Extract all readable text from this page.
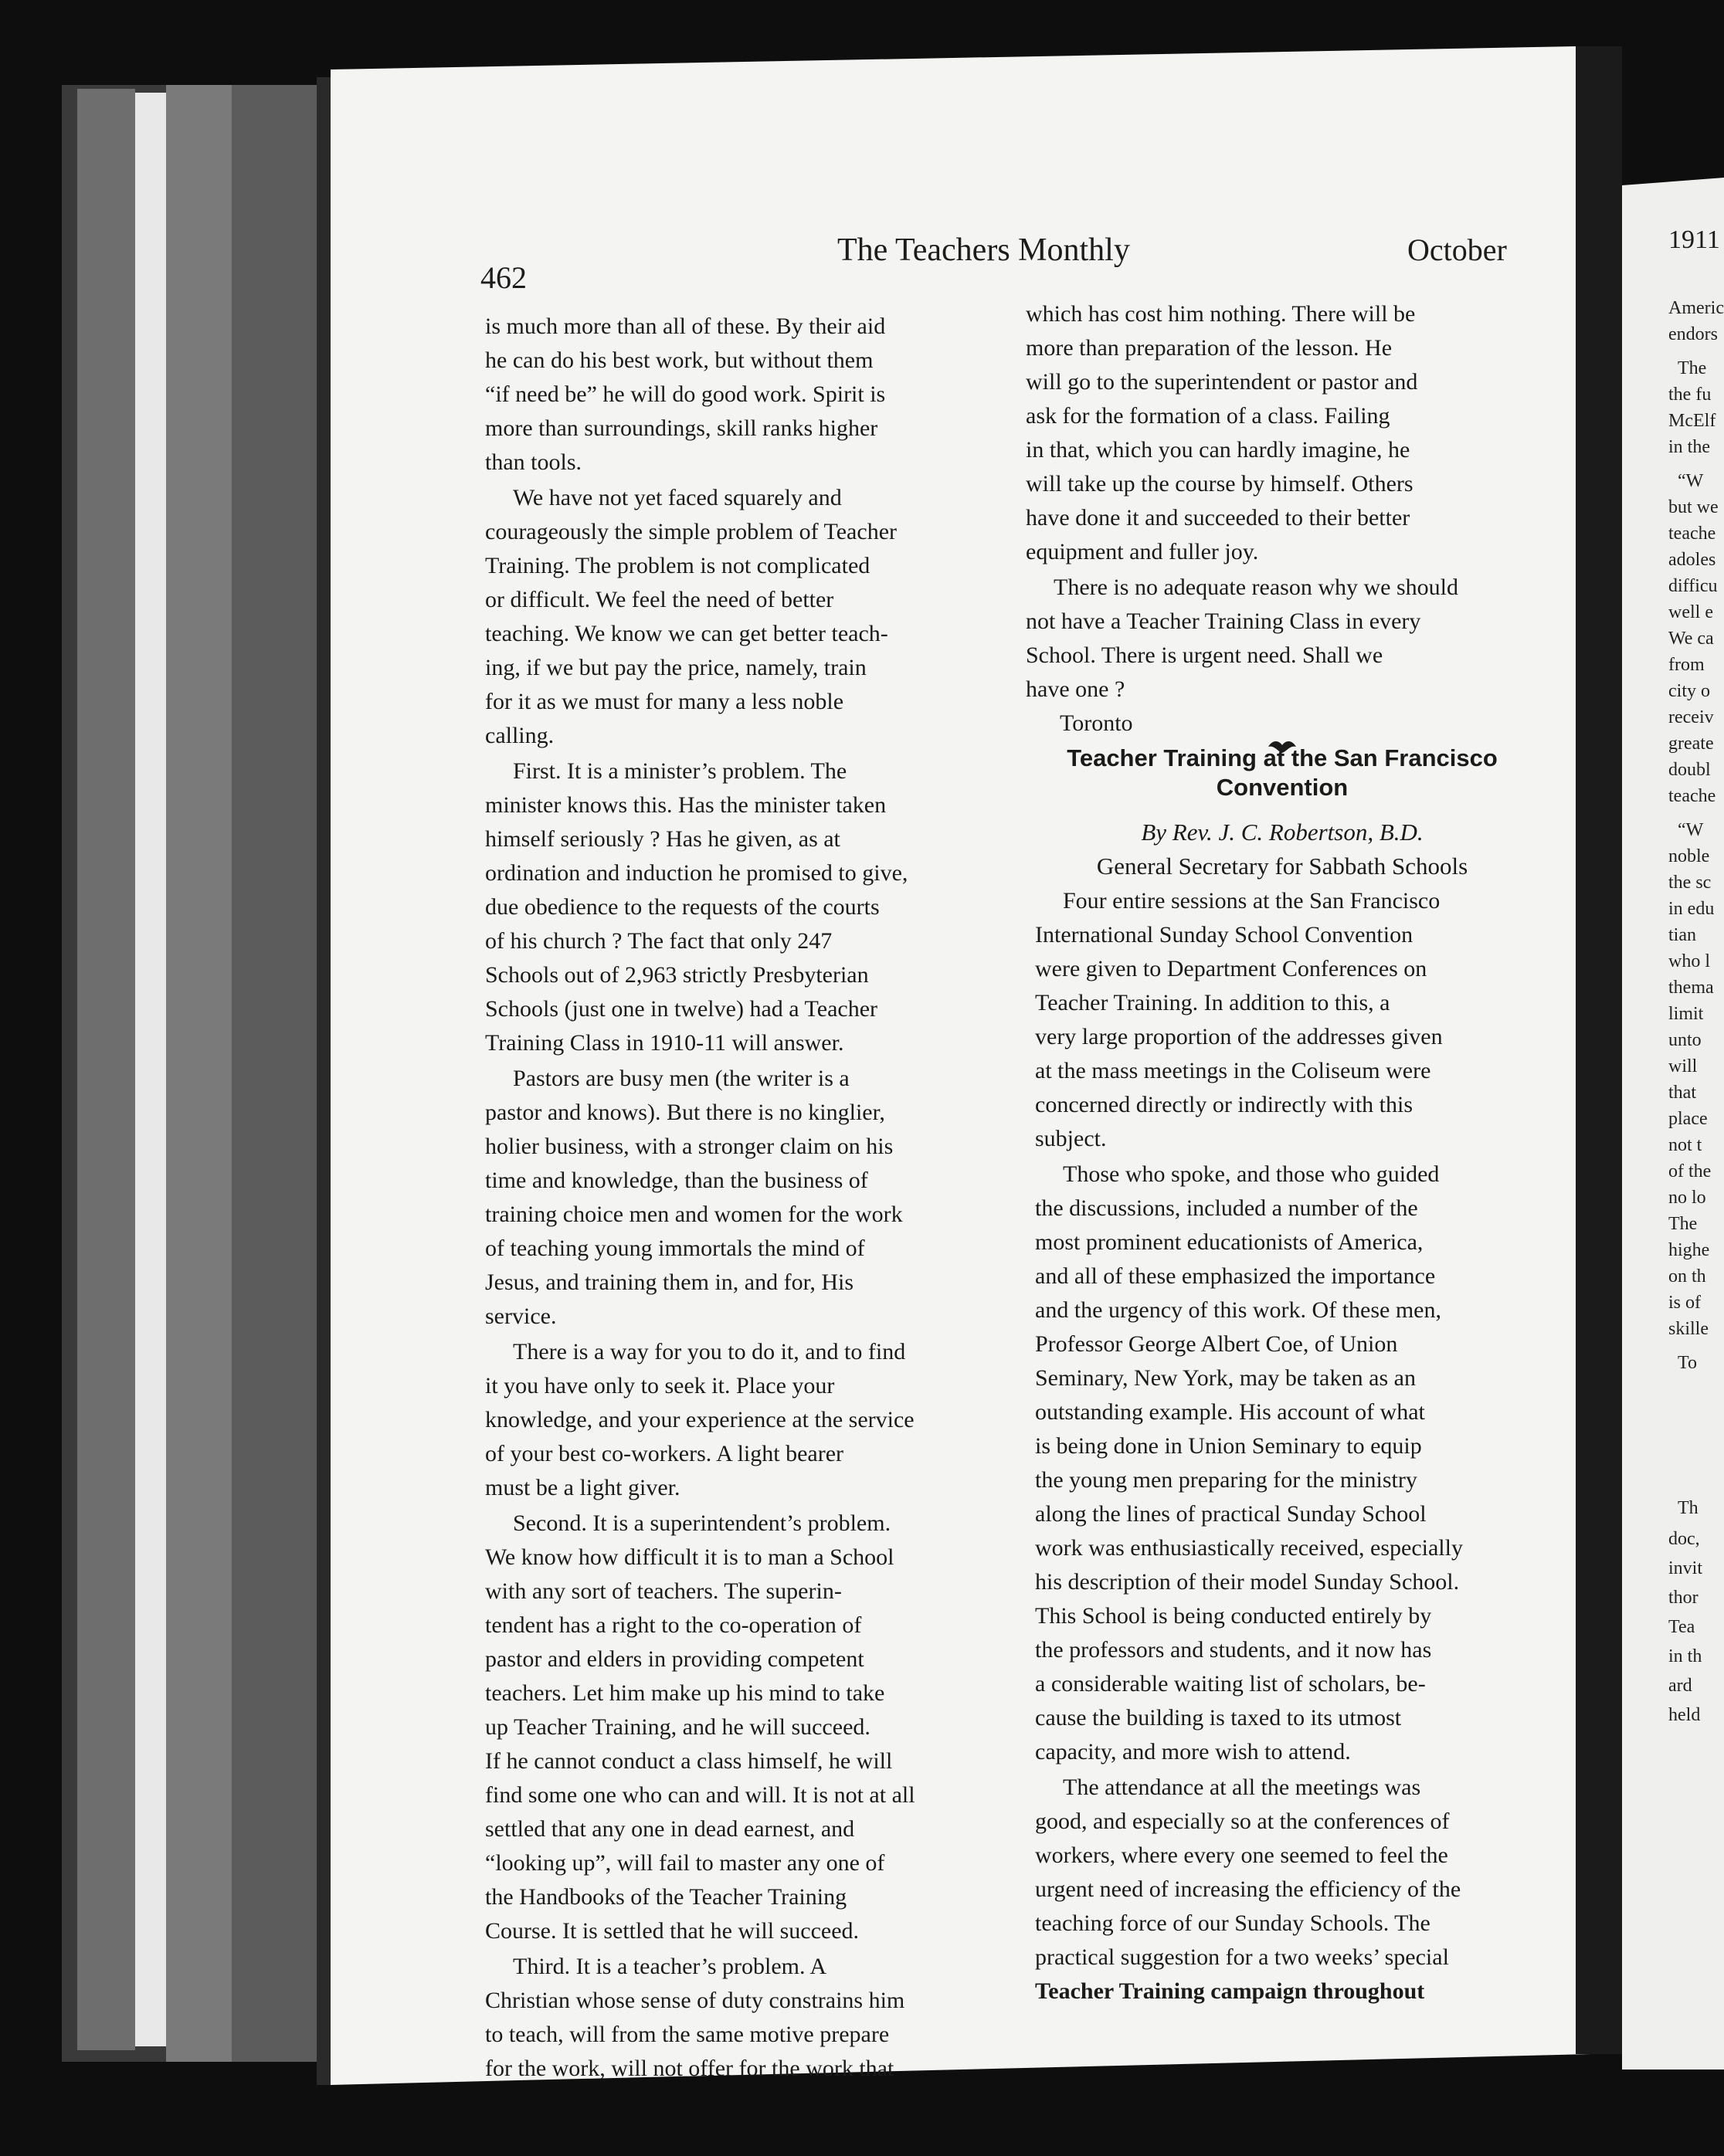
462
The Teachers Monthly	October
is much more than all of these. By their aid
he can do his best work, but without them
“if need be” he will do good work. Spirit is
more than surroundings, skill ranks higher
than tools.
We have not yet faced squarely and
courageously the simple problem of Teacher
Training. The problem is not complicated
or difficult. We feel the need of better
teaching. We know we can get better teach-
ing, if we but pay the price, namely, train
for it as we must for many a less noble
calling.
First. It is a minister’s problem. The
minister knows this. Has the minister taken
himself seriously ? Has he given, as at
ordination and induction he promised to give,
due obedience to the requests of the courts
of his church ? The fact that only 247
Schools out of 2,963 strictly Presbyterian
Schools (just one in twelve) had a Teacher
Training Class in 1910-11 will answer.
Pastors are busy men (the writer is a
pastor and knows). But there is no kinglier,
holier business, with a stronger claim on his
time and knowledge, than the business of
training choice men and women for the work
of teaching young immortals the mind of
Jesus, and training them in, and for, His
service.
There is a way for you to do it, and to find
it you have only to seek it. Place your
knowledge, and your experience at the service
of your best co-workers. A light bearer
must be a light giver.
Second. It is a superintendent’s problem.
We know how difficult it is to man a School
with any sort of teachers. The superin-
tendent has a right to the co-operation of
pastor and elders in providing competent
teachers. Let him make up his mind to take
up Teacher Training, and he will succeed.
If he cannot conduct a class himself, he will
find some one who can and will. It is not at all
settled that any one in dead earnest, and
“looking up”, will fail to master any one of
the Handbooks of the Teacher Training
Course. It is settled that he will succeed.
Third. It is a teacher’s problem. A
Christian whose sense of duty constrains him
to teach, will from the same motive prepare
for the work, will not offer for the work that
which has cost him nothing. There will be
more than preparation of the lesson. He
will go to the superintendent or pastor and
ask for the formation of a class. Failing
in that, which you can hardly imagine, he
will take up the course by himself. Others
have done it and succeeded to their better
equipment and fuller joy.
There is no adequate reason why we should
not have a Teacher Training Class in every
School. There is urgent need. Shall we
have one ?
Toronto
Teacher Training at the San Francisco
Convention
By Rev. J. C. Robertson, B.D.
General Secretary for Sabbath Schools
Four entire sessions at the San Francisco
International Sunday School Convention
were given to Department Conferences on
Teacher Training. In addition to this, a
very large proportion of the addresses given
at the mass meetings in the Coliseum were
concerned directly or indirectly with this
subject.
Those who spoke, and those who guided
the discussions, included a number of the
most prominent educationists of America,
and all of these emphasized the importance
and the urgency of this work. Of these men,
Professor George Albert Coe, of Union
Seminary, New York, may be taken as an
outstanding example. His account of what
is being done in Union Seminary to equip
the young men preparing for the ministry
along the lines of practical Sunday School
work was enthusiastically received, especially
his description of their model Sunday School.
This School is being conducted entirely by
the professors and students, and it now has
a considerable waiting list of scholars, be-
cause the building is taxed to its utmost
capacity, and more wish to attend.
The attendance at all the meetings was
good, and especially so at the conferences of
workers, where every one seemed to feel the
urgent need of increasing the efficiency of the
teaching force of our Sunday Schools. The
practical suggestion for a two weeks’ special
Teacher Training campaign throughout
1911
Americ
endors
The
the fu
McElf
in the
“W
but we
teache
adoles
difficu
well e
We ca
from
city o
receiv
greate
doubl
teache
“W
noble
the sc
in edu
tian
who l
thema
limit
unto
will
that
place
not t
of the
no lo
The
highe
on th
is of
skille
To
Th
doc,
invit
thor
Tea
in th
ard
held
